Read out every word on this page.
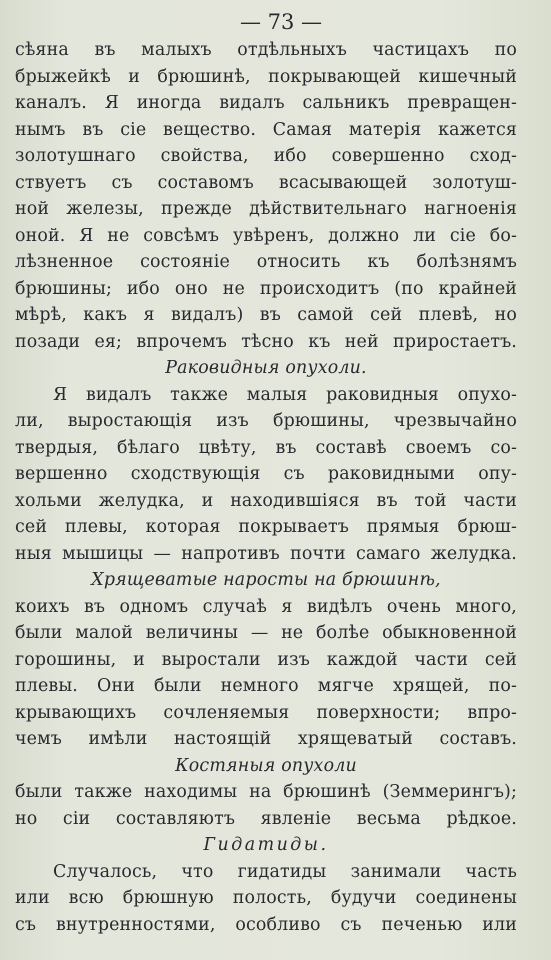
— 73 —
сѣяна въ малыхъ отдѣльныхъ частицахъ по
брыжейкѣ и брюшинѣ, покрывающей кишечный
каналъ. Я иногда видалъ сальникъ превращен-
нымъ въ сіе вещество. Самая матерія кажется
золотушнаго свойства, ибо совершенно сход-
ствуетъ съ составомъ всасывающей золотуш-
ной железы, прежде дѣйствительнаго нагноенія
оной. Я не совсѣмъ увѣренъ, должно ли сіе бо-
лѣзненное состояніе относить къ болѣзнямъ
брюшины; ибо оно не происходитъ (по крайней
мѣрѣ, какъ я видалъ) въ самой сей плевѣ, но
позади ея; впрочемъ тѣсно къ ней приростаетъ.
Раковидныя опухоли.
Я видалъ также малыя раковидныя опухо-
ли, выростающія изъ брюшины, чрезвычайно
твердыя, бѣлаго цвѣту, въ составѣ своемъ со-
вершенно сходствующія съ раковидными опу-
хольми желудка, и находившіяся въ той части
сей плевы, которая покрываетъ прямыя брюш-
ныя мышицы — напротивъ почти самаго желудка.
Хрящеватые наросты на брюшинѣ,
коихъ въ одномъ случаѣ я видѣлъ очень много,
были малой величины — не болѣе обыкновенной
горошины, и выростали изъ каждой части сей
плевы. Они были немного мягче хрящей, по-
крывающихъ сочленяемыя поверхности; впро-
чемъ имѣли настоящій хрящеватый составъ.
Костяныя опухоли
были также находимы на брюшинѣ (Земмерингъ);
но сіи составляютъ явленіе весьма рѣдкое.
Гидатиды.
Случалось, что гидатиды занимали часть
или всю брюшную полость, будучи соединены
съ внутренностями, особливо съ печенью или
